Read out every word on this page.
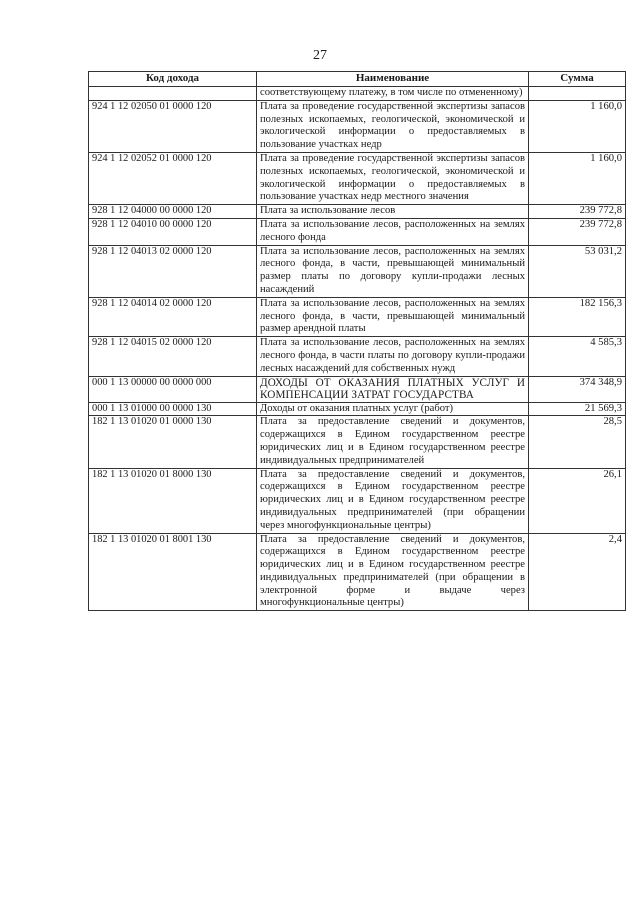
27
Код дохода	Наименование	Сумма
	соответствующему платежу, в том числе по отмененному)	
924 1 12 02050 01 0000 120	Плата за проведение государственной экспертизы запасов полезных ископаемых, геологической, экономической и экологической информации о предоставляемых в пользование участках недр	1 160,0
924 1 12 02052 01 0000 120	Плата за проведение государственной экспертизы запасов полезных ископаемых, геологической, экономической и экологической информации о предоставляемых в пользование участках недр местного значения	1 160,0
928 1 12 04000 00 0000 120	Плата за использование лесов	239 772,8
928 1 12 04010 00 0000 120	Плата за использование лесов, расположенных на землях лесного фонда	239 772,8
928 1 12 04013 02 0000 120	Плата за использование лесов, расположенных на землях лесного фонда, в части, превышающей минимальный размер платы по договору купли-продажи лесных насаждений	53 031,2
928 1 12 04014 02 0000 120	Плата за использование лесов, расположенных на землях лесного фонда, в части, превышающей минимальный размер арендной платы	182 156,3
928 1 12 04015 02 0000 120	Плата за использование лесов, расположенных на землях лесного фонда, в части платы по договору купли-продажи лесных насаждений для собственных нужд	4 585,3
000 1 13 00000 00 0000 000	ДОХОДЫ ОТ ОКАЗАНИЯ ПЛАТНЫХ УСЛУГ И КОМПЕНСАЦИИ ЗАТРАТ ГОСУДАРСТВА	374 348,9
000 1 13 01000 00 0000 130	Доходы от оказания платных услуг (работ)	21 569,3
182 1 13 01020 01 0000 130	Плата за предоставление сведений и документов, содержащихся в Едином государственном реестре юридических лиц и в Едином государственном реестре индивидуальных предпринимателей	28,5
182 1 13 01020 01 8000 130	Плата за предоставление сведений и документов, содержащихся в Едином государственном реестре юридических лиц и в Едином государственном реестре индивидуальных предпринимателей (при обращении через многофункциональные центры)	26,1
182 1 13 01020 01 8001 130	Плата за предоставление сведений и документов, содержащихся в Едином государственном реестре юридических лиц и в Едином государственном реестре индивидуальных предпринимателей (при обращении в электронной форме и выдаче через многофункциональные центры)	2,4
